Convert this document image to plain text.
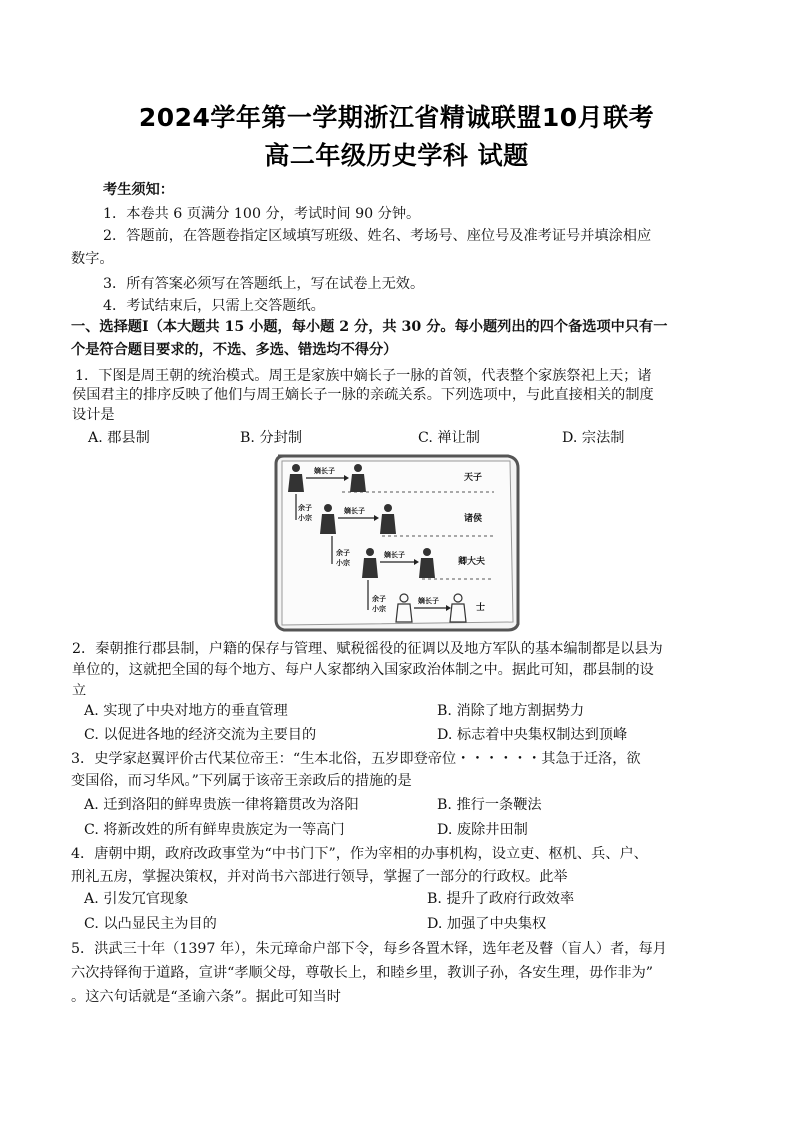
2024学年第一学期浙江省精诚联盟10月联考
高二年级历史学科 试题
考生须知：
1．本卷共 6 页满分 100 分，考试时间 90 分钟。
2．答题前，在答题卷指定区域填写班级、姓名、考场号、座位号及准考证号并填涂相应
数字。
3．所有答案必须写在答题纸上，写在试卷上无效。
4．考试结束后，只需上交答题纸。
一、选择题Ⅰ（本大题共 15 小题，每小题 2 分，共 30 分。每小题列出的四个备选项中只有一
个是符合题目要求的，不选、多选、错选均不得分）
1．下图是周王朝的统治模式。周王是家族中嫡长子一脉的首领，代表整个家族祭祀上天；诸
侯国君主的排序反映了他们与周王嫡长子一脉的亲疏关系。下列选项中，与此直接相关的制度
设计是
A. 郡县制	B. 分封制	C. 禅让制	D. 宗法制
嫡长子
天子
余子
小宗
嫡长子
诸侯
余子
小宗
嫡长子
卿大夫
余子
小宗
嫡长子
士
2．秦朝推行郡县制，户籍的保存与管理、赋税徭役的征调以及地方军队的基本编制都是以县为
单位的，这就把全国的每个地方、每户人家都纳入国家政治体制之中。据此可知，郡县制的设
立
A. 实现了中央对地方的垂直管理	B. 消除了地方割据势力
C. 以促进各地的经济交流为主要目的	D. 标志着中央集权制达到顶峰
3．史学家赵翼评价古代某位帝王：“生本北俗，五岁即登帝位・・・・・・其急于迁洛，欲
变国俗，而习华风。”下列属于该帝王亲政后的措施的是
A. 迁到洛阳的鲜卑贵族一律将籍贯改为洛阳	B. 推行一条鞭法
C. 将新改姓的所有鲜卑贵族定为一等高门	D. 废除井田制
4．唐朝中期，政府改政事堂为“中书门下”，作为宰相的办事机构，设立吏、枢机、兵、户、
刑礼五房，掌握决策权，并对尚书六部进行领导，掌握了一部分的行政权。此举
A. 引发冗官现象	B. 提升了政府行政效率
C. 以凸显民主为目的	D. 加强了中央集权
5．洪武三十年（1397 年），朱元璋命户部下令，每乡各置木铎，选年老及瞽（盲人）者，每月
六次持铎徇于道路，宣讲“孝顺父母，尊敬长上，和睦乡里，教训子孙，各安生理，毋作非为”
。这六句话就是“圣谕六条”。据此可知当时
